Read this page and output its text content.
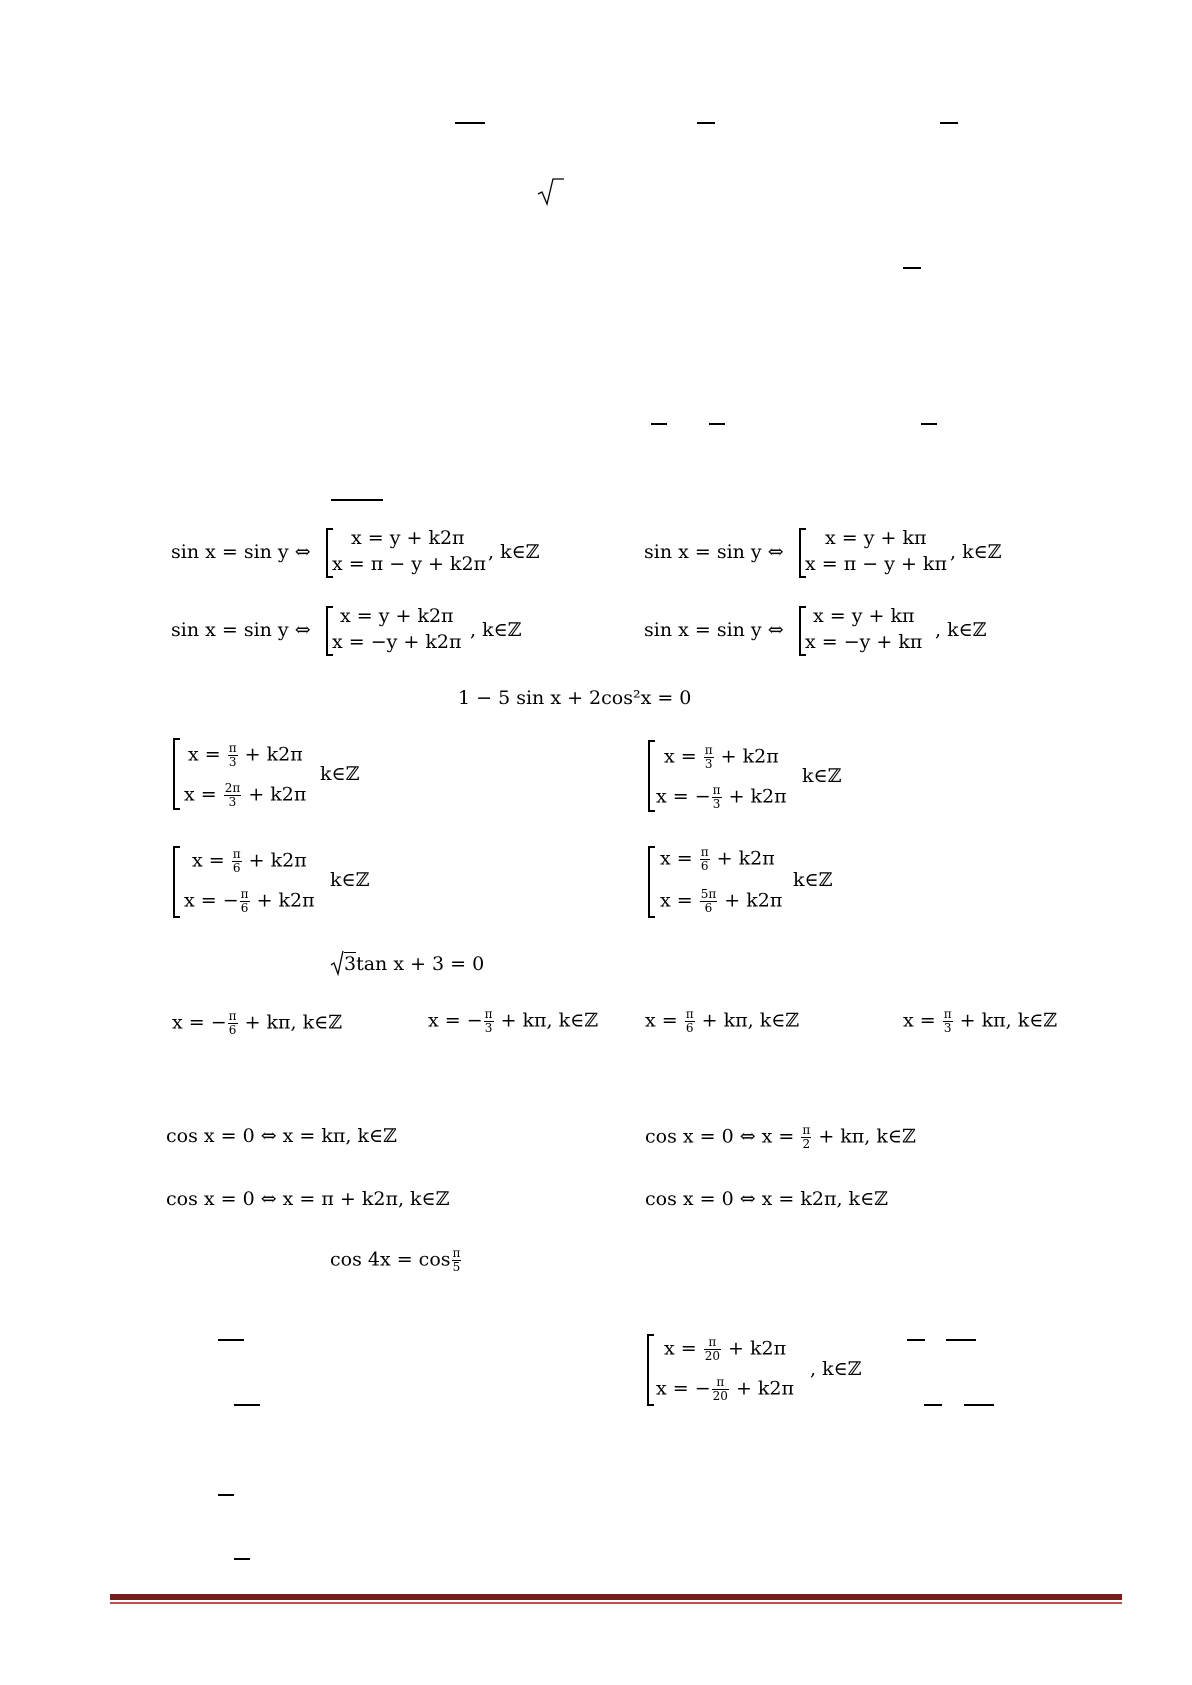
sin x = sin y ⇔
x = y + k2π
x = π − y + k2π
, k∈ℤ	sin x = sin y ⇔
x = y + kπ
x = π − y + kπ
, k∈ℤ
sin x = sin y ⇔
x = y + k2π
x = −y + k2π
, k∈ℤ	sin x = sin y ⇔
x = y + kπ
x = −y + kπ
, k∈ℤ
1 − 5 sin x + 2cos²x = 0
$x = \frac{\pi}{3} + k2\pi$
$x = \frac{2\pi}{3} + k2\pi$
k∈ℤ
$x = \frac{\pi}{3} + k2\pi$
x = − $\frac{\pi}{3} + k2\pi$
k∈ℤ
$x = \frac{\pi}{6} + k2\pi$
x = − $\frac{\pi}{6} + k2\pi$
k∈ℤ
$x = \frac{\pi}{6} + k2\pi$
$x = \frac{5\pi}{6} + k2\pi$
k∈ℤ
3tan x + 3 = 0
x = − $\frac{\pi}{6} + k\pi$, k∈ℤ	x = − $\frac{\pi}{3} + k\pi$, k∈ℤ $x = \frac{\pi}{6} + k\pi$, k∈ℤ	$x = \frac{\pi}{3} + k\pi$, k∈ℤ
cos x = 0 ⇔ x = kπ, k∈ℤ	cos x = 0 ⇔ $x = \frac{\pi}{2} + k\pi$, k∈ℤ
cos x = 0 ⇔ x = π + k2π, k∈ℤ	cos x = 0 ⇔ x = k2π, k∈ℤ
$\cos 4x = \cos \frac{\pi}{5}$
$x = \frac{\pi}{20} + k2\pi$
x = − $\frac{\pi}{20} + k2\pi$
, k∈ℤ
